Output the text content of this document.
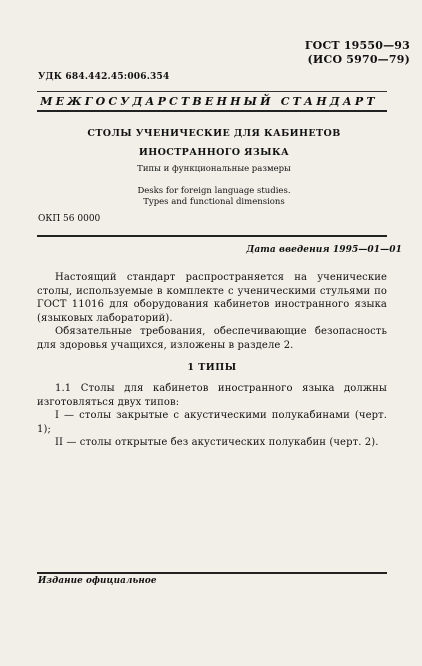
ГОСТ 19550—93
(ИСО 5970—79)
УДК 684.442.45:006.354
МЕЖГОСУДАРСТВЕННЫЙ СТАНДАРТ
СТОЛЫ УЧЕНИЧЕСКИЕ ДЛЯ КАБИНЕТОВ
ИНОСТРАННОГО ЯЗЫКА
Типы и функциональные размеры
Desks for foreign language studies.
Types and functional dimensions
ОКП 56 0000
Дата введения 1995—01—01

Настоящий стандарт распространяется на ученические столы, используемые в комплекте с ученическими стульями по ГОСТ 11016 для оборудования кабинетов иностранного языка (языковых лабораторий).

Обязательные требования, обеспечивающие безопасность для здоровья учащихся, изложены в разделе 2.

1 ТИПЫ

1.1 Столы для кабинетов иностранного языка должны изготовляться двух типов:

I — столы закрытые с акустическими полукабинами (черт. 1);

II — столы открытые без акустических полукабин (черт. 2).

Издание официальное
